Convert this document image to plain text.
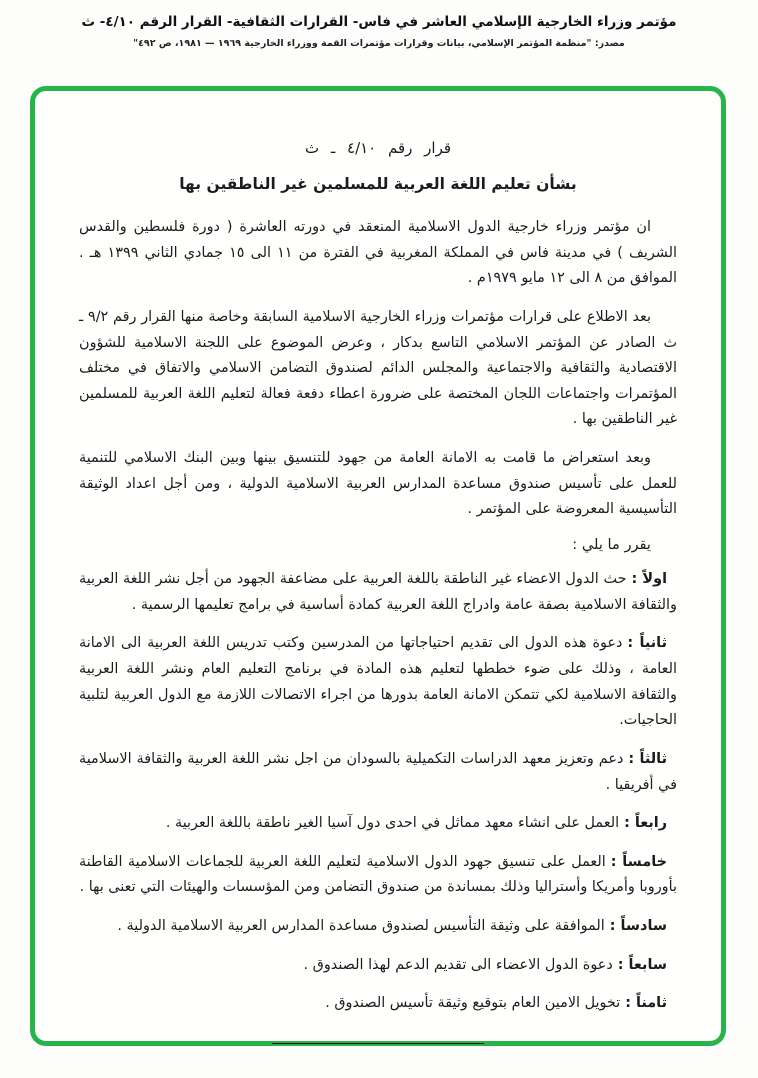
مؤتمر وزراء الخارجية الإسلامي العاشر في فاس- القرارات الثقافية- القرار الرقم ٤/١٠- ث
مصدر: "منظمة المؤتمر الإسلامي، بيانات وقرارات مؤتمرات القمة ووزراء الخارجية ١٩٦٩ — ١٩٨١، ص ٤٩٢"
قرار رقم ٤/١٠ ـ ث
بشأن تعليم اللغة العربية للمسلمين غير الناطقين بها

ان مؤتمر وزراء خارجية الدول الاسلامية المنعقد في دورته العاشرة ( دورة فلسطين والقدس الشريف ) في مدينة فاس في المملكة المغربية في الفترة من ١١ الى ١٥ جمادي الثاني ١٣٩٩ هـ . الموافق من ٨ الى ١٢ مايو ١٩٧٩م .

بعد الاطلاع على قرارات مؤتمرات وزراء الخارجية الاسلامية السابقة وخاصة منها القرار رقم ٩/٢ ـ ث الصادر عن المؤتمر الاسلامي التاسع بدكار ، وعرض الموضوع على اللجنة الاسلامية للشؤون الاقتصادية والثقافية والاجتماعية والمجلس الدائم لصندوق التضامن الاسلامي والاتفاق في مختلف المؤتمرات واجتماعات اللجان المختصة على ضرورة اعطاء دفعة فعالة لتعليم اللغة العربية للمسلمين غير الناطقين بها .

وبعد استعراض ما قامت به الامانة العامة من جهود للتنسيق بينها وبين البنك الاسلامي للتنمية للعمل على تأسيس صندوق مساعدة المدارس العربية الاسلامية الدولية ، ومن أجل اعداد الوثيقة التأسيسية المعروضة على المؤتمر .

يقرر ما يلي :

اولاً :حث الدول الاعضاء غير الناطقة باللغة العربية على مضاعفة الجهود من أجل نشر اللغة العربية والثقافة الاسلامية بصفة عامة وادراج اللغة العربية كمادة أساسية في برامج تعليمها الرسمية .

ثانياً :دعوة هذه الدول الى تقديم احتياجاتها من المدرسين وكتب تدريس اللغة العربية الى الامانة العامة ، وذلك على ضوء خططها لتعليم هذه المادة في برنامج التعليم العام ونشر اللغة العربية والثقافة الاسلامية لكي تتمكن الامانة العامة بدورها من اجراء الاتصالات اللازمة مع الدول العربية لتلبية الحاجيات.

ثالثاً :دعم وتعزيز معهد الدراسات التكميلية بالسودان من اجل نشر اللغة العربية والثقافة الاسلامية في أفريقيا .

رابعاً :العمل على انشاء معهد مماثل في احدى دول آسيا الغير ناطقة باللغة العربية .

خامساً :العمل على تنسيق جهود الدول الاسلامية لتعليم اللغة العربية للجماعات الاسلامية القاطنة بأوروبا وأمريكا وأستراليا وذلك بمساندة من صندوق التضامن ومن المؤسسات والهيئات التي تعنى بها .

سادساً :الموافقة على وثيقة التأسيس لصندوق مساعدة المدارس العربية الاسلامية الدولية .

سابعاً :دعوة الدول الاعضاء الى تقديم الدعم لهذا الصندوق .

ثامناً :تخويل الامين العام بتوقيع وثيقة تأسيس الصندوق .
